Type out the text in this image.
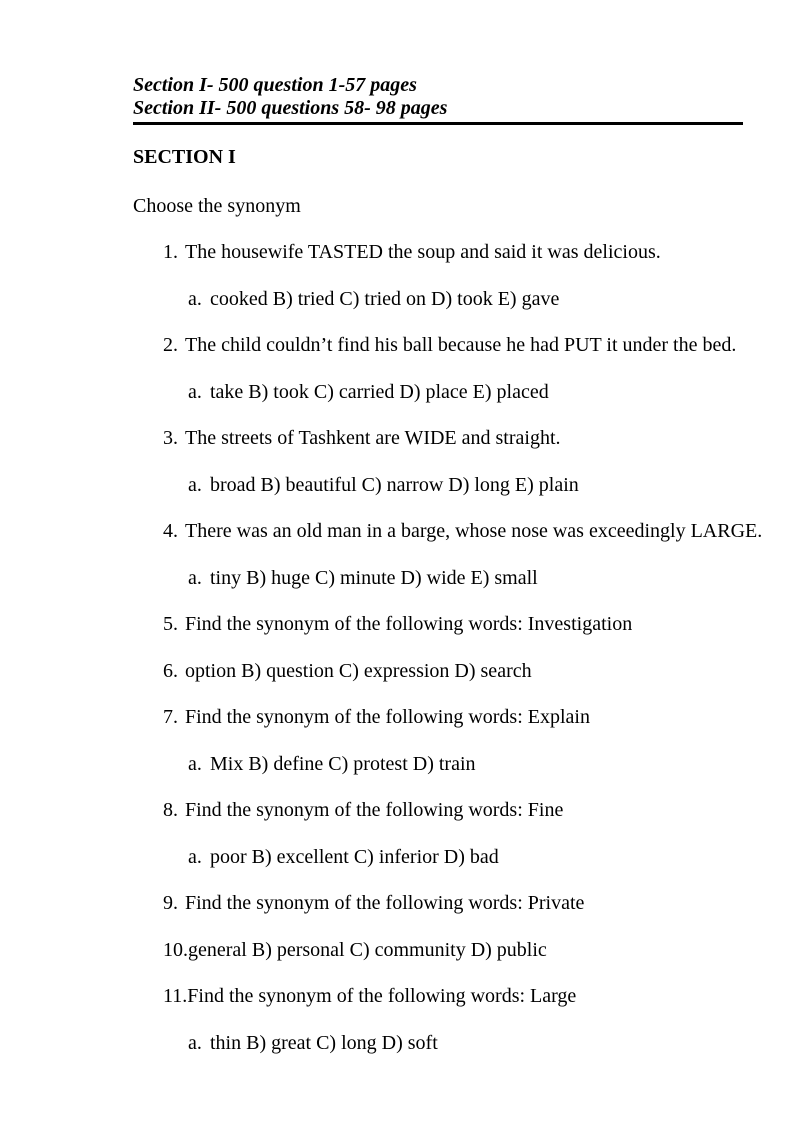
Section I- 500 question 1-57 pages
Section II- 500 questions 58- 98 pages
SECTION I
Choose the synonym
1. The housewife TASTED the soup and said it was delicious.
a. cooked B) tried C) tried on D) took E) gave
2. The child couldn’t find his ball because he had PUT it under the bed.
a. take B) took C) carried D) place E) placed
3. The streets of Tashkent are WIDE and straight.
a. broad B) beautiful C) narrow D) long E) plain
4. There was an old man in a barge, whose nose was exceedingly LARGE.
a. tiny B) huge C) minute D) wide E) small
5. Find the synonym of the following words: Investigation
6. option B) question C) expression D) search
7. Find the synonym of the following words: Explain
a. Mix B) define C) protest D) train
8. Find the synonym of the following words: Fine
a. poor B) excellent C) inferior D) bad
9. Find the synonym of the following words: Private
10.general B) personal C) community D) public
11.Find the synonym of the following words: Large
a. thin B) great C) long D) soft
